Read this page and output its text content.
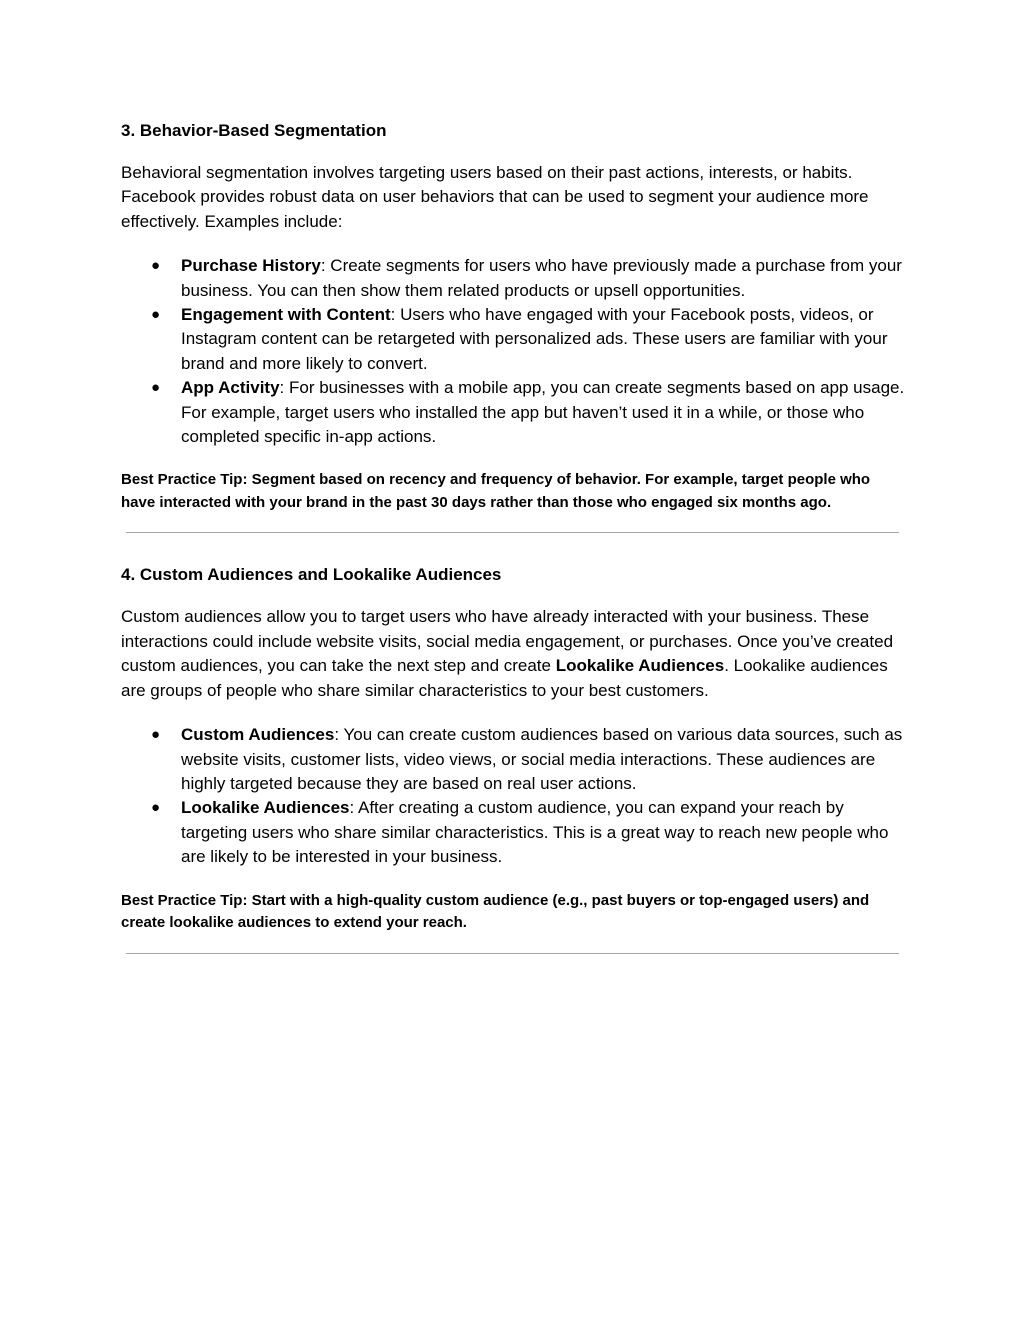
3. Behavior-Based Segmentation

Behavioral segmentation involves targeting users based on their past actions, interests, or habits. Facebook provides robust data on user behaviors that can be used to segment your audience more effectively. Examples include:

● Purchase History: Create segments for users who have previously made a purchase from your business. You can then show them related products or upsell opportunities.
● Engagement with Content: Users who have engaged with your Facebook posts, videos, or Instagram content can be retargeted with personalized ads. These users are familiar with your brand and more likely to convert.
● App Activity: For businesses with a mobile app, you can create segments based on app usage. For example, target users who installed the app but haven’t used it in a while, or those who completed specific in-app actions.

Best Practice Tip: Segment based on recency and frequency of behavior. For example, target people who have interacted with your brand in the past 30 days rather than those who engaged six months ago.

4. Custom Audiences and Lookalike Audiences

Custom audiences allow you to target users who have already interacted with your business. These interactions could include website visits, social media engagement, or purchases. Once you’ve created custom audiences, you can take the next step and create Lookalike Audiences. Lookalike audiences are groups of people who share similar characteristics to your best customers.

● Custom Audiences: You can create custom audiences based on various data sources, such as website visits, customer lists, video views, or social media interactions. These audiences are highly targeted because they are based on real user actions.
● Lookalike Audiences: After creating a custom audience, you can expand your reach by targeting users who share similar characteristics. This is a great way to reach new people who are likely to be interested in your business.

Best Practice Tip: Start with a high-quality custom audience (e.g., past buyers or top-engaged users) and create lookalike audiences to extend your reach.
